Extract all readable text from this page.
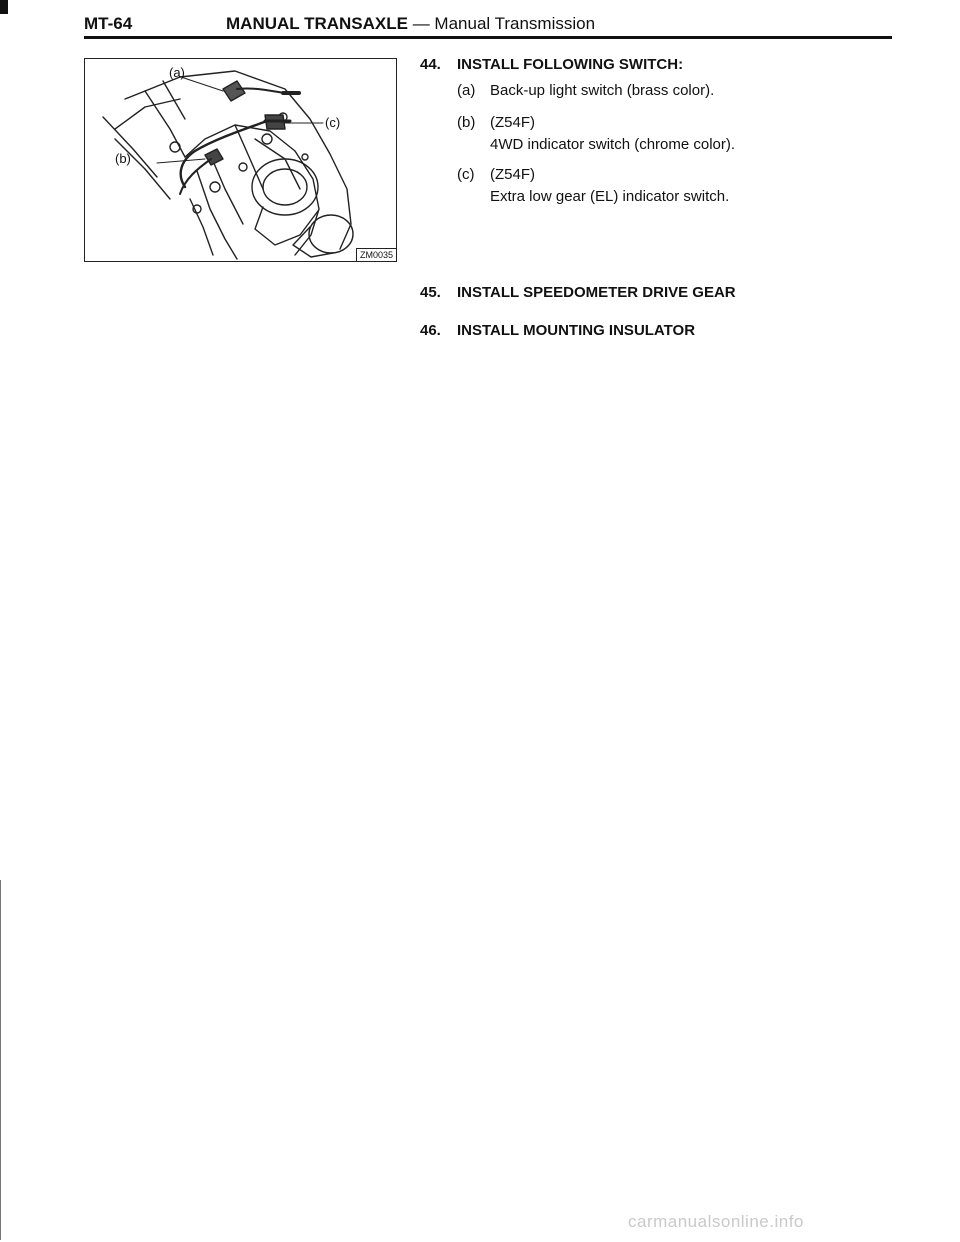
MT-64	MANUAL TRANSAXLE — Manual Transmission
(a)
(c)
(b)
ZM0035
44. INSTALL FOLLOWING SWITCH:
(a) Back-up light switch (brass color).
(b) (Z54F)
4WD indicator switch (chrome color).
(c) (Z54F)
Extra low gear (EL) indicator switch.
45. INSTALL SPEEDOMETER DRIVE GEAR
46. INSTALL MOUNTING INSULATOR
carmanualsonline.info
